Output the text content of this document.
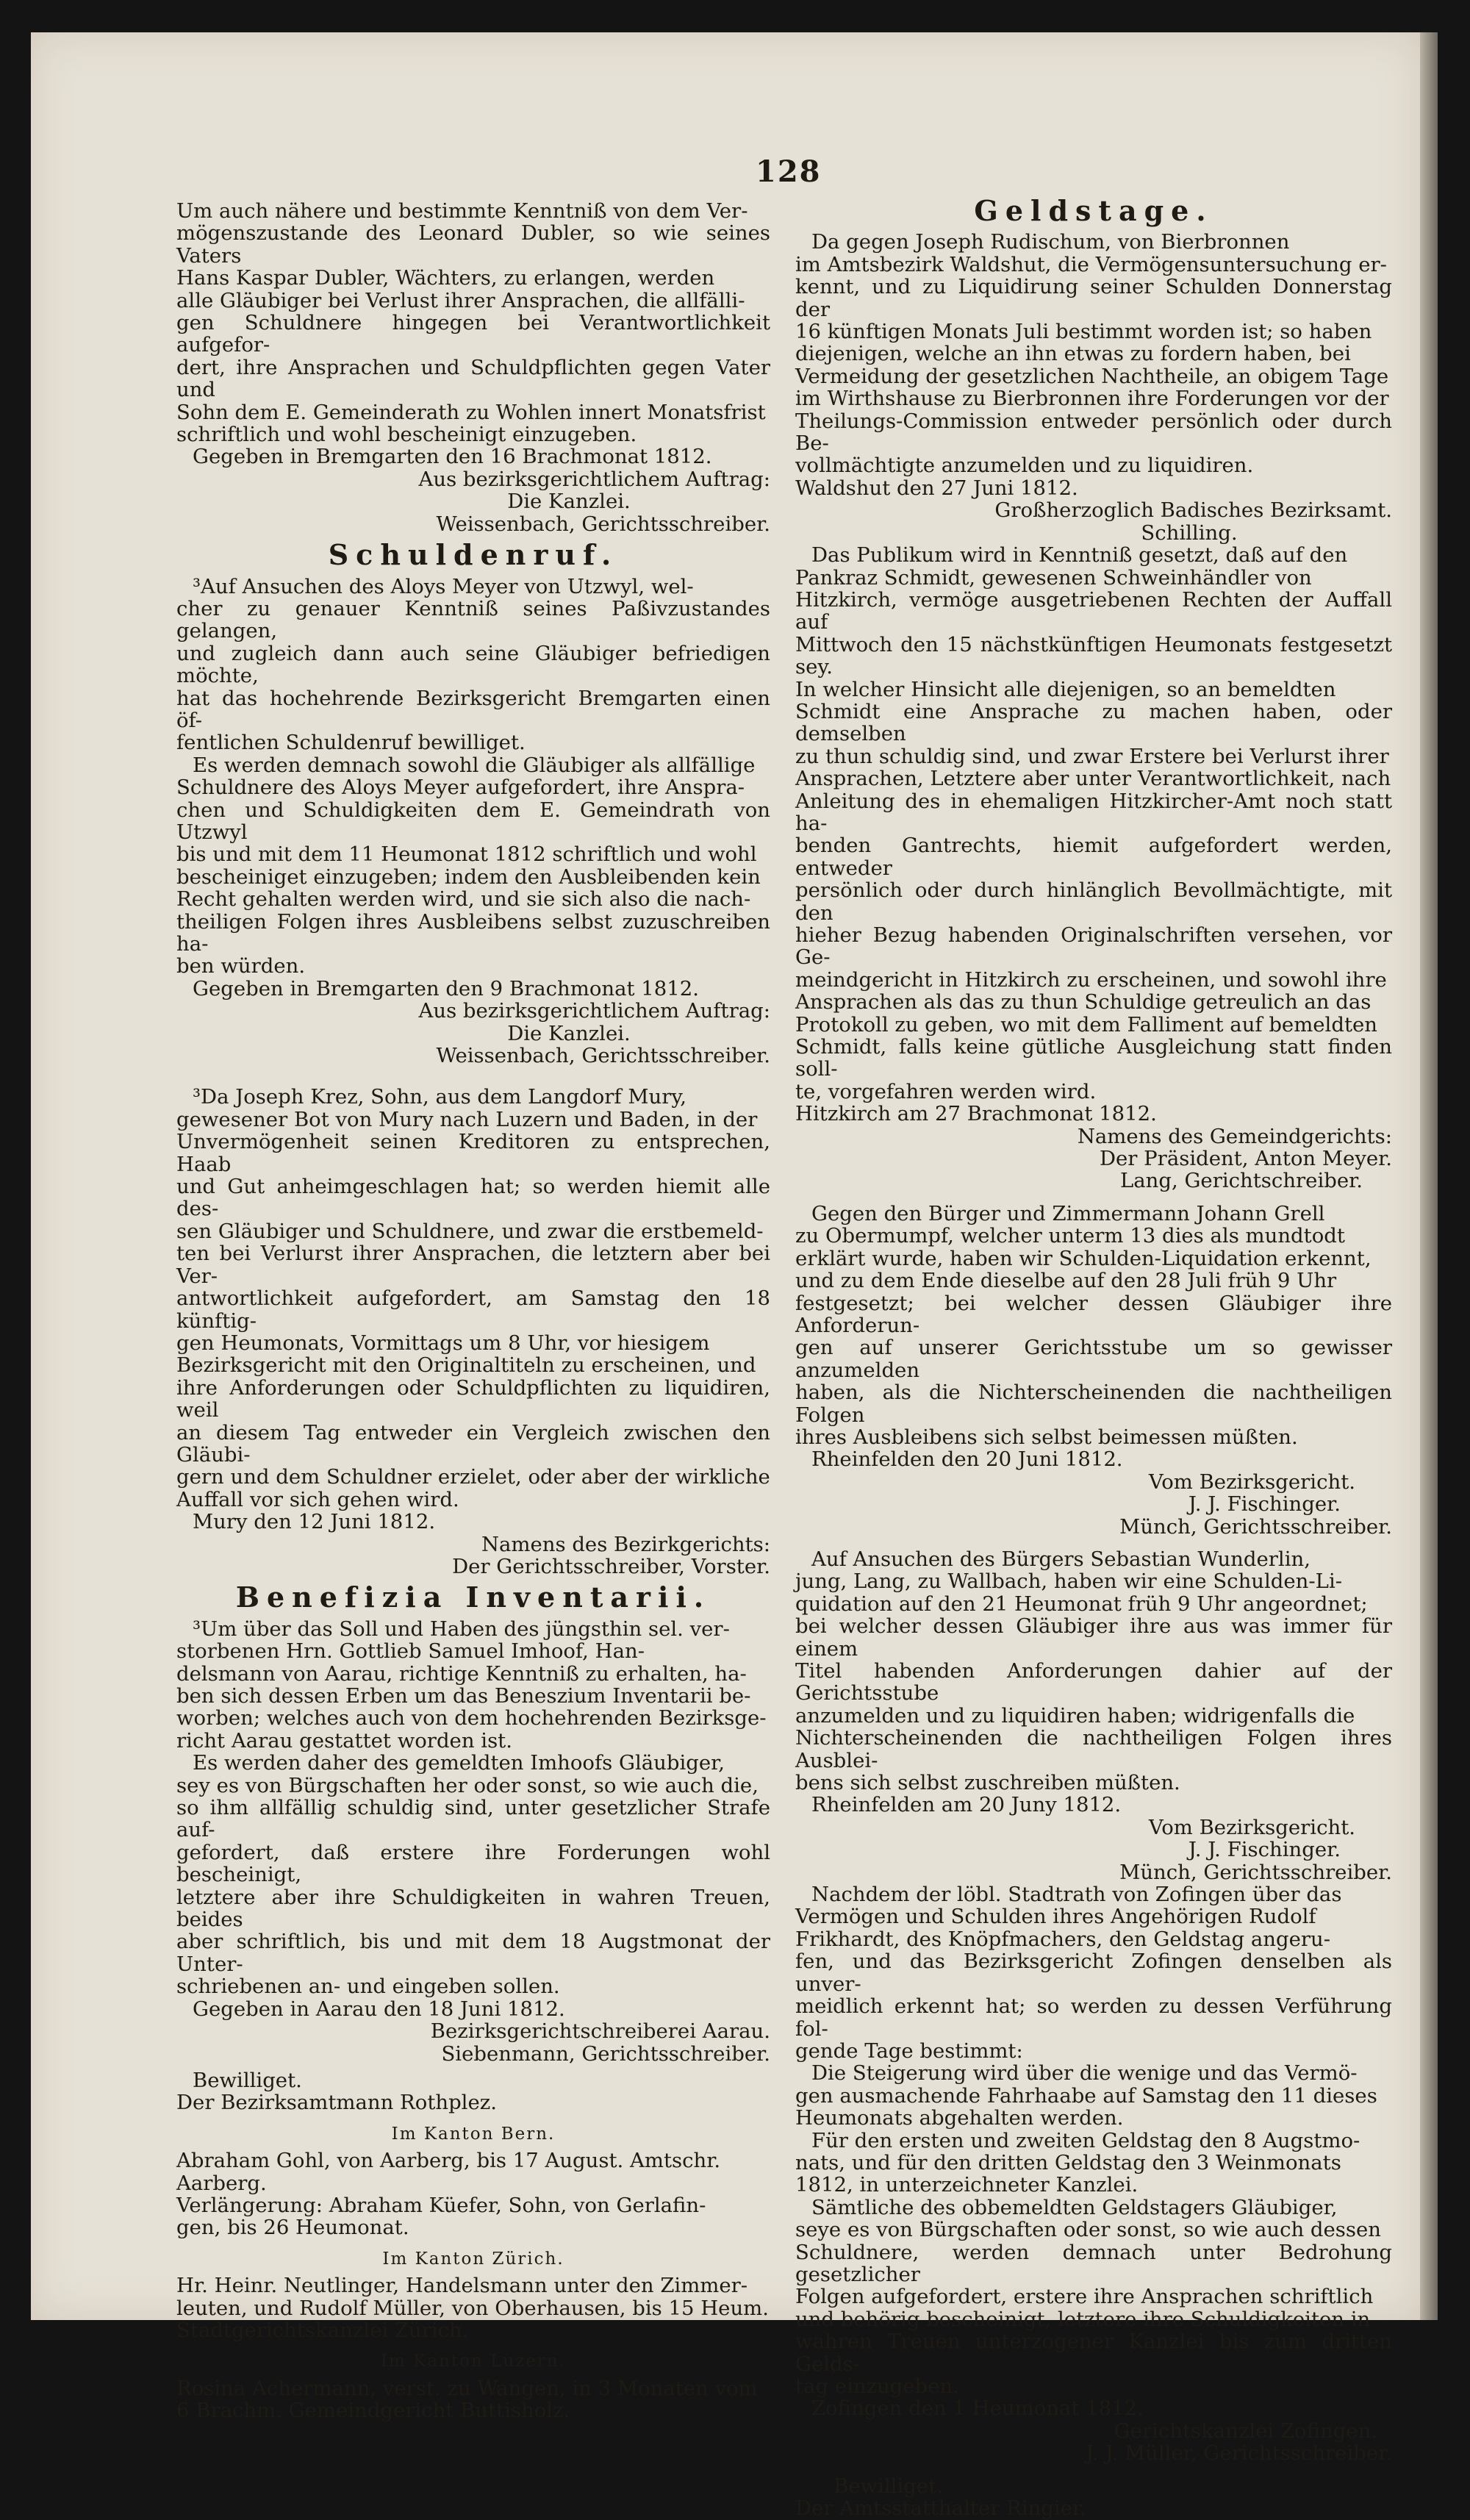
128

Um auch nähere und bestimmte Kenntniß von dem Ver-

mögenszustande des Leonard Dubler, so wie seines Vaters

Hans Kaspar Dubler, Wächters, zu erlangen, werden

alle Gläubiger bei Verlust ihrer Ansprachen, die allfälli-

gen Schuldnere hingegen bei Verantwortlichkeit aufgefor-

dert, ihre Ansprachen und Schuldpflichten gegen Vater und

Sohn dem E. Gemeinderath zu Wohlen innert Monatsfrist

schriftlich und wohl bescheinigt einzugeben.

Gegeben in Bremgarten den 16 Brachmonat 1812.

Aus bezirksgerichtlichem Auftrag:

Die Kanzlei.

Weissenbach, Gerichtsschreiber.

Schuldenruf.

³Auf Ansuchen des Aloys Meyer von Utzwyl, wel-

cher zu genauer Kenntniß seines Paßivzustandes gelangen,

und zugleich dann auch seine Gläubiger befriedigen möchte,

hat das hochehrende Bezirksgericht Bremgarten einen öf-

fentlichen Schuldenruf bewilliget.

Es werden demnach sowohl die Gläubiger als allfällige

Schuldnere des Aloys Meyer aufgefordert, ihre Anspra-

chen und Schuldigkeiten dem E. Gemeindrath von Utzwyl

bis und mit dem 11 Heumonat 1812 schriftlich und wohl

bescheiniget einzugeben; indem den Ausbleibenden kein

Recht gehalten werden wird, und sie sich also die nach-

theiligen Folgen ihres Ausbleibens selbst zuzuschreiben ha-

ben würden.

Gegeben in Bremgarten den 9 Brachmonat 1812.

Aus bezirksgerichtlichem Auftrag:

Die Kanzlei.

Weissenbach, Gerichtsschreiber.

³Da Joseph Krez, Sohn, aus dem Langdorf Mury,

gewesener Bot von Mury nach Luzern und Baden, in der

Unvermögenheit seinen Kreditoren zu entsprechen, Haab

und Gut anheimgeschlagen hat; so werden hiemit alle des-

sen Gläubiger und Schuldnere, und zwar die erstbemeld-

ten bei Verlurst ihrer Ansprachen, die letztern aber bei Ver-

antwortlichkeit aufgefordert, am Samstag den 18 künftig-

gen Heumonats, Vormittags um 8 Uhr, vor hiesigem

Bezirksgericht mit den Originaltiteln zu erscheinen, und

ihre Anforderungen oder Schuldpflichten zu liquidiren, weil

an diesem Tag entweder ein Vergleich zwischen den Gläubi-

gern und dem Schuldner erzielet, oder aber der wirkliche

Auffall vor sich gehen wird.

Mury den 12 Juni 1812.

Namens des Bezirkgerichts:

Der Gerichtsschreiber, Vorster.

Benefizia Inventarii.

³Um über das Soll und Haben des jüngsthin sel. ver-

storbenen Hrn. Gottlieb Samuel Imhoof, Han-

delsmann von Aarau, richtige Kenntniß zu erhalten, ha-

ben sich dessen Erben um das Beneszium Inventarii be-

worben; welches auch von dem hochehrenden Bezirksge-

richt Aarau gestattet worden ist.

Es werden daher des gemeldten Imhoofs Gläubiger,

sey es von Bürgschaften her oder sonst, so wie auch die,

so ihm allfällig schuldig sind, unter gesetzlicher Strafe auf-

gefordert, daß erstere ihre Forderungen wohl bescheinigt,

letztere aber ihre Schuldigkeiten in wahren Treuen, beides

aber schriftlich, bis und mit dem 18 Augstmonat der Unter-

schriebenen an- und eingeben sollen.

Gegeben in Aarau den 18 Juni 1812.

Bezirksgerichtschreiberei Aarau.

Siebenmann, Gerichtsschreiber.

Bewilliget.

Der Bezirksamtmann Rothplez.

Im Kanton Bern.

Abraham Gohl, von Aarberg, bis 17 August. Amtschr.

Aarberg.

Verlängerung: Abraham Küefer, Sohn, von Gerlafin-

gen, bis 26 Heumonat.

Im Kanton Zürich.

Hr. Heinr. Neutlinger, Handelsmann unter den Zimmer-

leuten, und Rudolf Müller, von Oberhausen, bis 15 Heum.

Stadtgerichtskanzlei Zürich.

Im Kanton Luzern.

Rosina Achermann, verst. zu Wangen, in 3 Monaten vom

6 Brachm. Gemeindgericht Buttisholz.

Geldstage.

Da gegen Joseph Rudischum, von Bierbronnen

im Amtsbezirk Waldshut, die Vermögensuntersuchung er-

kennt, und zu Liquidirung seiner Schulden Donnerstag der

16 künftigen Monats Juli bestimmt worden ist; so haben

diejenigen, welche an ihn etwas zu fordern haben, bei

Vermeidung der gesetzlichen Nachtheile, an obigem Tage

im Wirthshause zu Bierbronnen ihre Forderungen vor der

Theilungs-Commission entweder persönlich oder durch Be-

vollmächtigte anzumelden und zu liquidiren.

Waldshut den 27 Juni 1812.

Großherzoglich Badisches Bezirksamt.

Schilling.

Das Publikum wird in Kenntniß gesetzt, daß auf den

Pankraz Schmidt, gewesenen Schweinhändler von

Hitzkirch, vermöge ausgetriebenen Rechten der Auffall auf

Mittwoch den 15 nächstkünftigen Heumonats festgesetzt sey.

In welcher Hinsicht alle diejenigen, so an bemeldten

Schmidt eine Ansprache zu machen haben, oder demselben

zu thun schuldig sind, und zwar Erstere bei Verlurst ihrer

Ansprachen, Letztere aber unter Verantwortlichkeit, nach

Anleitung des in ehemaligen Hitzkircher-Amt noch statt ha-

benden Gantrechts, hiemit aufgefordert werden, entweder

persönlich oder durch hinlänglich Bevollmächtigte, mit den

hieher Bezug habenden Originalschriften versehen, vor Ge-

meindgericht in Hitzkirch zu erscheinen, und sowohl ihre

Ansprachen als das zu thun Schuldige getreulich an das

Protokoll zu geben, wo mit dem Falliment auf bemeldten

Schmidt, falls keine gütliche Ausgleichung statt finden soll-

te, vorgefahren werden wird.

Hitzkirch am 27 Brachmonat 1812.

Namens des Gemeindgerichts:

Der Präsident, Anton Meyer.

Lang, Gerichtschreiber.

Gegen den Bürger und Zimmermann Johann Grell

zu Obermumpf, welcher unterm 13 dies als mundtodt

erklärt wurde, haben wir Schulden-Liquidation erkennt,

und zu dem Ende dieselbe auf den 28 Juli früh 9 Uhr

festgesetzt; bei welcher dessen Gläubiger ihre Anforderun-

gen auf unserer Gerichtsstube um so gewisser anzumelden

haben, als die Nichterscheinenden die nachtheiligen Folgen

ihres Ausbleibens sich selbst beimessen müßten.

Rheinfelden den 20 Juni 1812.

Vom Bezirksgericht.

J. J. Fischinger.

Münch, Gerichtsschreiber.

Auf Ansuchen des Bürgers Sebastian Wunderlin,

jung, Lang, zu Wallbach, haben wir eine Schulden-Li-

quidation auf den 21 Heumonat früh 9 Uhr angeordnet;

bei welcher dessen Gläubiger ihre aus was immer für einem

Titel habenden Anforderungen dahier auf der Gerichtsstube

anzumelden und zu liquidiren haben; widrigenfalls die

Nichterscheinenden die nachtheiligen Folgen ihres Ausblei-

bens sich selbst zuschreiben müßten.

Rheinfelden am 20 Juny 1812.

Vom Bezirksgericht.

J. J. Fischinger.

Münch, Gerichtsschreiber.

Nachdem der löbl. Stadtrath von Zofingen über das

Vermögen und Schulden ihres Angehörigen Rudolf

Frikhardt, des Knöpfmachers, den Geldstag angeru-

fen, und das Bezirksgericht Zofingen denselben als unver-

meidlich erkennt hat; so werden zu dessen Verführung fol-

gende Tage bestimmt:

Die Steigerung wird über die wenige und das Vermö-

gen ausmachende Fahrhaabe auf Samstag den 11 dieses

Heumonats abgehalten werden.

Für den ersten und zweiten Geldstag den 8 Augstmo-

nats, und für den dritten Geldstag den 3 Weinmonats

1812, in unterzeichneter Kanzlei.

Sämtliche des obbemeldten Geldstagers Gläubiger,

seye es von Bürgschaften oder sonst, so wie auch dessen

Schuldnere, werden demnach unter Bedrohung gesetzlicher

Folgen aufgefordert, erstere ihre Ansprachen schriftlich

und behörig bescheinigt, letztere ihre Schuldigkeiten in

wahren Treuen unterzogener Kanzlei bis zum dritten Gelds-

tag einzugeben.

Zofingen den 1 Heumonat 1812.

Gerichtskanzlei Zofingen.

J. J. Müller, Gerichtsschreiber.

Bewilliget.

Der Amtsstatthalter Ringier.
